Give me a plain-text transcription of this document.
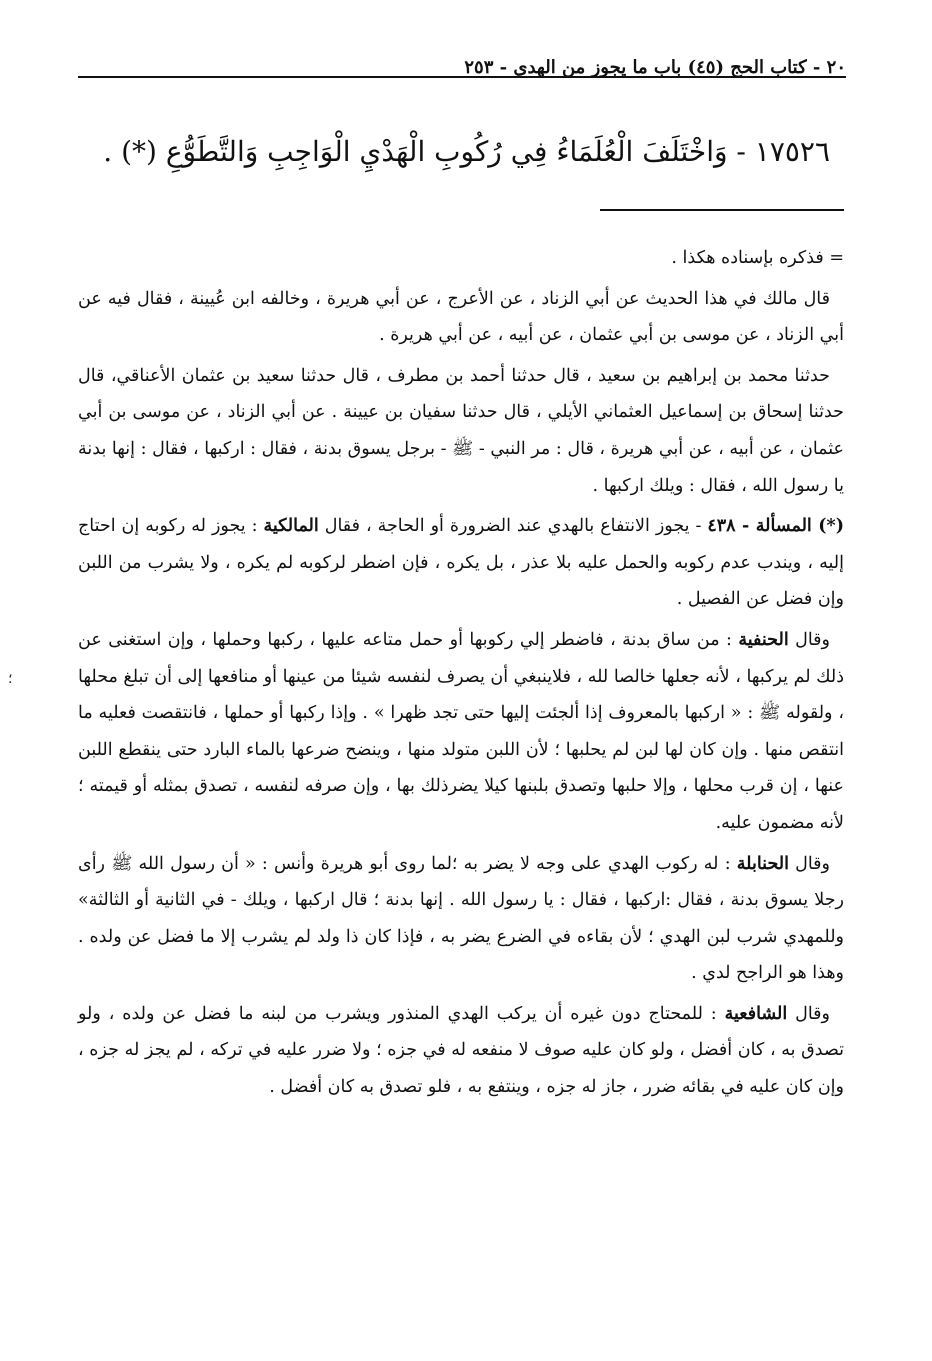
٢٠ - كتاب الحج (٤٥) باب ما يجوز من الهدي - ٢٥٣
١٧٥٢٦ - وَاخْتَلَفَ الْعُلَمَاءُ فِي رُكُوبِ الْهَدْيِ الْوَاجِبِ وَالتَّطَوُّعِ (*) .

= فذكره بإسناده هكذا .

قال مالك في هذا الحديث عن أبي الزناد ، عن الأعرج ، عن أبي هريرة ، وخالفه ابن عُيينة ، فقال فيه عن أبي الزناد ، عن موسى بن أبي عثمان ، عن أبيه ، عن أبي هريرة .

حدثنا محمد بن إبراهيم بن سعيد ، قال حدثنا أحمد بن مطرف ، قال حدثنا سعيد بن عثمان الأعناقي، قال حدثنا إسحاق بن إسماعيل العثماني الأيلي ، قال حدثنا سفيان بن عيينة . عن أبي الزناد ، عن موسى بن أبي عثمان ، عن أبيه ، عن أبي هريرة ، قال : مر النبي - ﷺ - برجل يسوق بدنة ، فقال : اركبها ، فقال : إنها بدنة يا رسول الله ، فقال : ويلك اركبها .

(*) المسألة - ٤٣٨ - يجوز الانتفاع بالهدي عند الضرورة أو الحاجة ، فقال المالكية : يجوز له ركوبه إن احتاج إليه ، ويندب عدم ركوبه والحمل عليه بلا عذر ، بل يكره ، فإن اضطر لركوبه لم يكره ، ولا يشرب من اللبن وإن فضل عن الفصيل .

وقال الحنفية : من ساق بدنة ، فاضطر إلي ركوبها أو حمل متاعه عليها ، ركبها وحملها ، وإن استغنى عن ذلك لم يركبها ، لأنه جعلها خالصا لله ، فلاينبغي أن يصرف لنفسه شيئا من عينها أو منافعها إلى أن تبلغ محلها ، ولقوله ﷺ : « اركبها بالمعروف إذا ألجئت إليها حتى تجد ظهرا » . وإذا ركبها أو حملها ، فانتقصت فعليه ما انتقص منها . وإن كان لها لبن لم يحلبها ؛ لأن اللبن متولد منها ، وينضح ضرعها بالماء البارد حتى ينقطع اللبن عنها ، إن قرب محلها ، وإلا حلبها وتصدق بلبنها كيلا يضرذلك بها ، وإن صرفه لنفسه ، تصدق بمثله أو قيمته ؛ لأنه مضمون عليه.

وقال الحنابلة : له ركوب الهدي على وجه لا يضر به ؛لما روى أبو هريرة وأنس : « أن رسول الله ﷺ رأى رجلا يسوق بدنة ، فقال :اركبها ، فقال : يا رسول الله . إنها بدنة ؛ قال اركبها ، ويلك - في الثانية أو الثالثة» وللمهدي شرب لبن الهدي ؛ لأن بقاءه في الضرع يضر به ، فإذا كان ذا ولد لم يشرب إلا ما فضل عن ولده . وهذا هو الراجح لدي .

وقال الشافعية : للمحتاج دون غيره أن يركب الهدي المنذور ويشرب من لبنه ما فضل عن ولده ، ولو تصدق به ، كان أفضل ، ولو كان عليه صوف لا منفعه له في جزه ؛ ولا ضرر عليه في تركه ، لم يجز له جزه ، وإن كان عليه في بقائه ضرر ، جاز له جزه ، وينتفع به ، فلو تصدق به كان أفضل .

؛
